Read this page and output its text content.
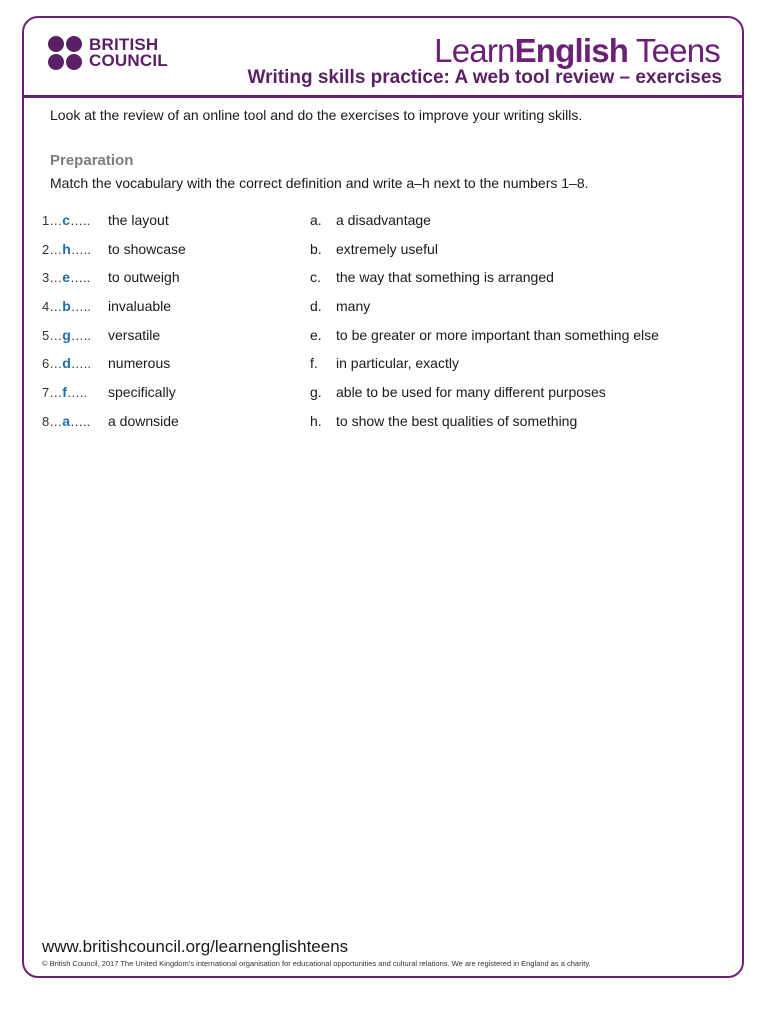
BRITISH
COUNCIL	LearnEnglish Teens
Writing skills practice: A web tool review – exercises
Look at the review of an online tool and do the exercises to improve your writing skills.
Preparation
Match the vocabulary with the correct definition and write a–h next to the numbers 1–8.
1…c….. the layout	a. a disadvantage
2…h….. to showcase	b. extremely useful
3…e….. to outweigh	c. the way that something is arranged
4…b….. invaluable	d. many
5…g….. versatile	e. to be greater or more important than something else
6…d….. numerous	f. in particular, exactly
7…f….. specifically	g. able to be used for many different purposes
8…a….. a downside	h. to show the best qualities of something
www.britishcouncil.org/learnenglishteens
© British Council, 2017 The United Kingdom’s international organisation for educational opportunities and cultural relations. We are registered in England as a charity.
